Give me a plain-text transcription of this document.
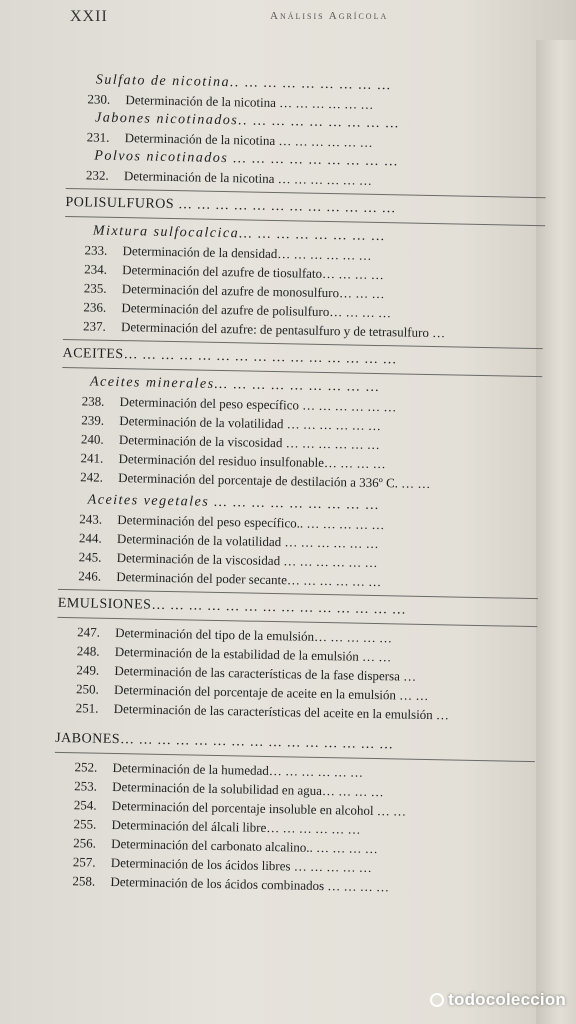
XXII	Análisis Agrícola
Sulfato de nicotina.. … … … … … … … …
230.	Determinación de la nicotina … … … … … …
Jabones nicotinados.. … … … … … … … …
231.	Determinación de la nicotina … … … … … …
Polvos nicotinados … … … … … … … … …
232.	Determinación de la nicotina … … … … … …
POLISULFUROS … … … … … … … … … … … …
Mixtura sulfocalcica… … … … … … … …
233.	Determinación de la densidad… … … … … …
234.	Determinación del azufre de tiosulfato… … … …
235.	Determinación del azufre de monosulfuro… … …
236.	Determinación del azufre de polisulfuro… … … …
237.	Determinación del azufre: de pentasulfuro y de tetrasulfuro …
ACEITES… … … … … … … … … … … … … … …
Aceites minerales… … … … … … … … …
238.	Determinación del peso específico … … … … … …
239.	Determinación de la volatilidad … … … … … …
240.	Determinación de la viscosidad … … … … … …
241.	Determinación del residuo insulfonable… … … …
242.	Determinación del porcentaje de destilación a 336º C. … …
Aceites vegetales … … … … … … … … …
243.	Determinación del peso específico.. … … … … …
244.	Determinación de la volatilidad … … … … … …
245.	Determinación de la viscosidad … … … … … …
246.	Determinación del poder secante… … … … … …
EMULSIONES… … … … … … … … … … … … … …
247.	Determinación del tipo de la emulsión… … … … …
248.	Determinación de la estabilidad de la emulsión … …
249.	Determinación de las características de la fase dispersa …
250.	Determinación del porcentaje de aceite en la emulsión … …
251.	Determinación de las características del aceite en la emulsión …
JABONES… … … … … … … … … … … … … … …
252.	Determinación de la humedad… … … … … …
253.	Determinación de la solubilidad en agua… … … …
254.	Determinación del porcentaje insoluble en alcohol … …
255.	Determinación del álcali libre… … … … … …
256.	Determinación del carbonato alcalino.. … … … …
257.	Determinación de los ácidos libres … … … … …
258.	Determinación de los ácidos combinados … … … …
todocoleccion
